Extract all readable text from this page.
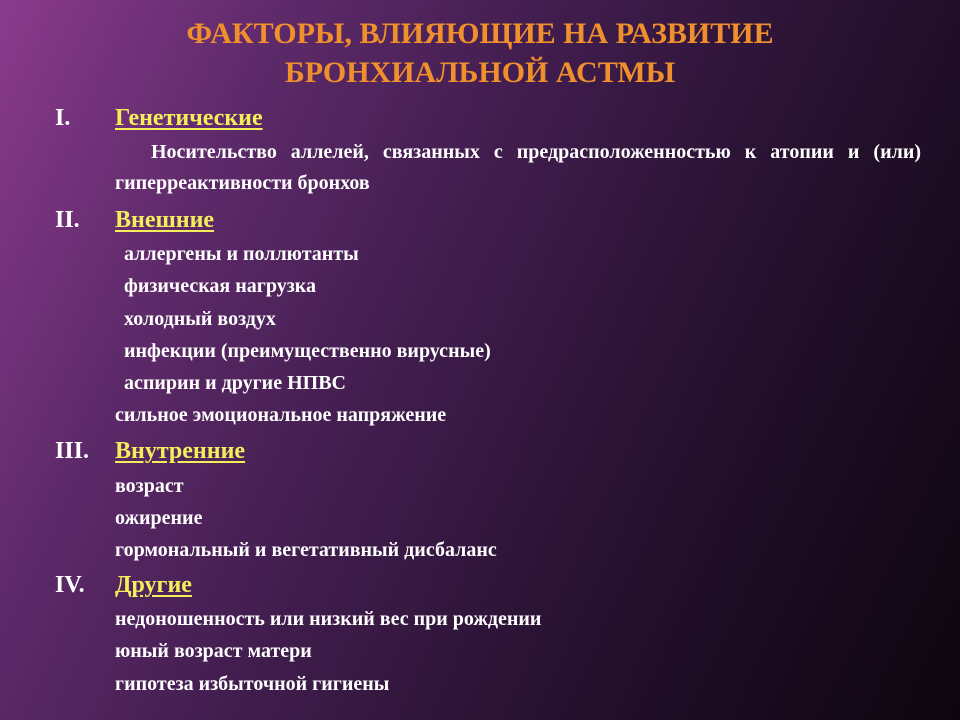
ФАКТОРЫ, ВЛИЯЮЩИЕ НА РАЗВИТИЕ
БРОНХИАЛЬНОЙ АСТМЫ
I. Генетические
Носительство аллелей, связанных с предрасположенностью к атопии и (или) гиперреактивности бронхов
II. Внешние
аллергены и поллютанты
физическая нагрузка
холодный воздух
инфекции (преимущественно вирусные)
аспирин и другие НПВС
сильное эмоциональное напряжение
III. Внутренние
возраст
ожирение
гормональный и вегетативный дисбаланс
IV. Другие
недоношенность или низкий вес при рождении
юный возраст матери
гипотеза избыточной гигиены
